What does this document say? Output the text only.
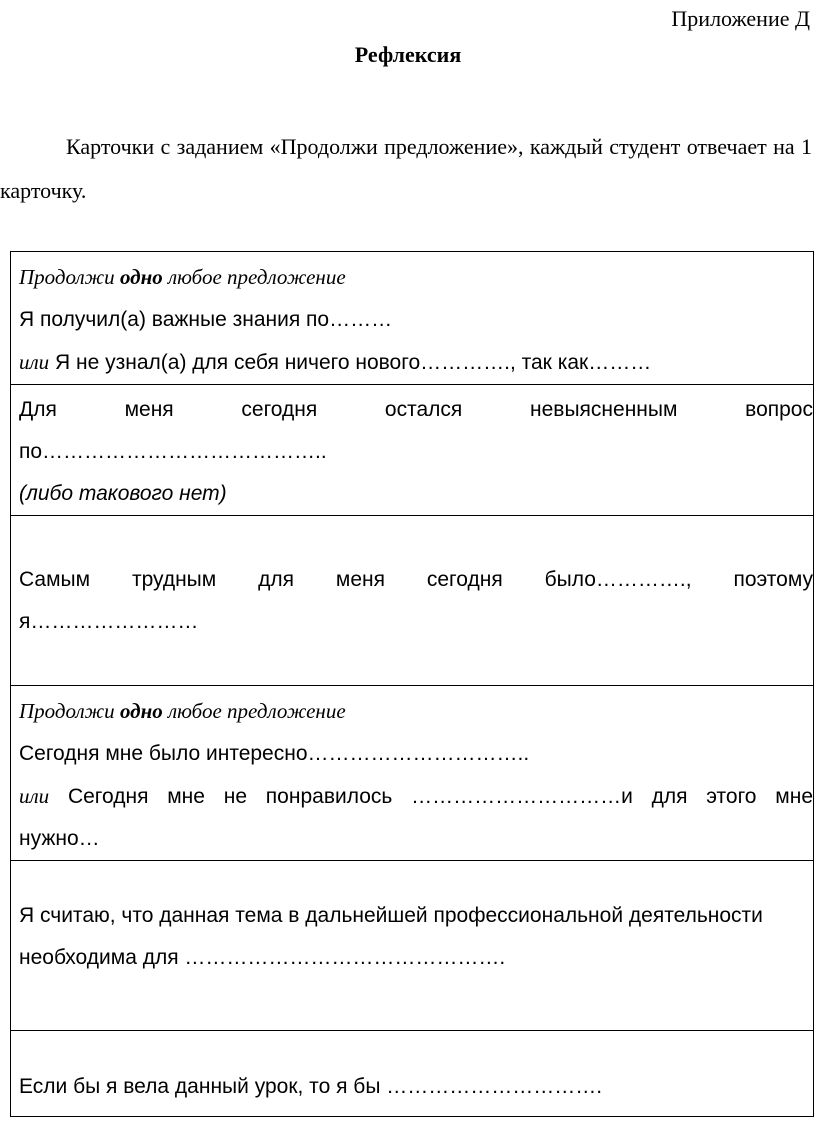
Приложение Д
Рефлексия
Карточки с заданием «Продолжи предложение», каждый студент отвечает на 1 карточку.
Продолжи одно любое предложение
Я получил(а) важные знания по………
или Я не узнал(а) для себя ничего нового…………., так как………

Для меня сегодня остался невыясненным вопрос
по…………………………………..
(либо такового нет)

Самым трудным для меня сегодня было…………., поэтому
я……………………

Продолжи одно любое предложение
Сегодня мне было интересно…………………………..
или Сегодня мне не понравилось …………………………и для этого мне
нужно…

Я считаю, что данная тема в дальнейшей профессиональной деятельности
необходима для ……………………………………….

Если бы я вела данный урок, то я бы ………………………….
